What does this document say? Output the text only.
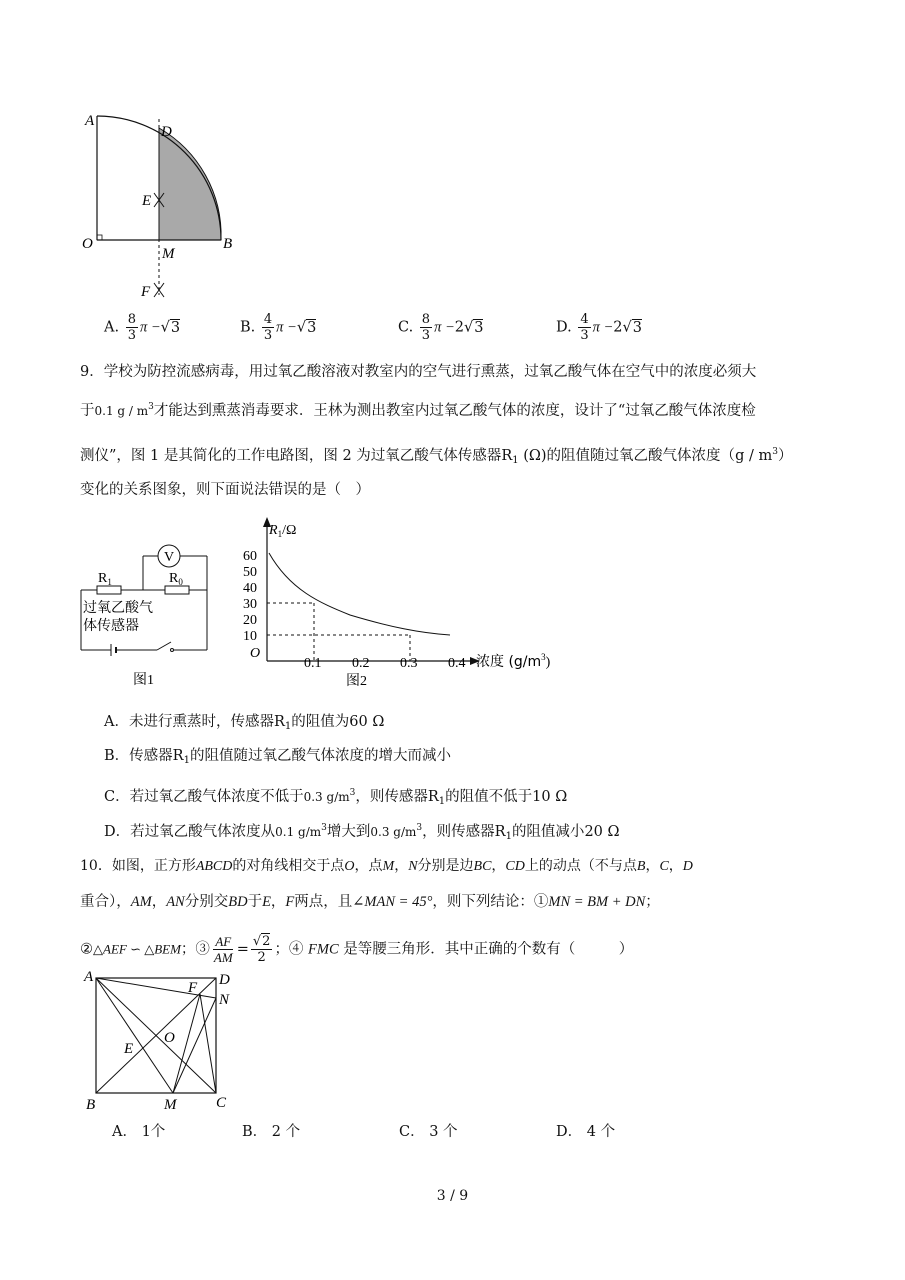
A
D
E
O
M
B
F
A. $\frac{8}{3}$ π −√3	B. $\frac{4}{3}$ π −√3	C. $\frac{8}{3}$ π −2√3	D. $\frac{4}{3}$ π −2√3
9．学校为防控流感病毒，用过氧乙酸溶液对教室内的空气进行熏蒸，过氧乙酸气体在空气中的浓度必须大
于0.1 g / $m^3$才能达到熏蒸消毒要求．王林为测出教室内过氧乙酸气体的浓度，设计了“过氧乙酸气体浓度检
测仪”，图 1 是其简化的工作电路图，图 2 为过氧乙酸气体传感器$R_1$ (Ω)的阻值随过氧乙酸气体浓度$(g / m^3)$
变化的关系图象，则下面说法错误的是（　）
V
$R_1$	$R_0$
过氧乙酸气
体传感器
图1
$R_1/\Omega$
60
50
40
30
20
10
O
0.1 0.2 0.3 0.4 浓度 $(g/m^3)$
图2
A．未进行熏蒸时，传感器$R_1$的阻值为60 Ω
B．传感器$R_1$的阻值随过氧乙酸气体浓度的增大而减小
C．若过氧乙酸气体浓度不低于0.3 $g/m^3$，则传感器$R_1$的阻值不低于10 Ω
D．若过氧乙酸气体浓度从0.1 $g/m^3$增大到0.3 $g/m^3$，则传感器$R_1$的阻值减小20 Ω
10．如图，正方形ABCD的对角线相交于点O，点M，N分别是边BC，CD上的动点（不与点B，C，D
重合），AM，AN分别交BD于E，F两点，且∠MAN = 45°，则下列结论：①MN = BM + DN；
②△AEF ∽ △BEM；③ $\frac{AF}{AM} = \frac{√2}{2}$ ；④ FMC 是等腰三角形．其中正确的个数有（　　　）
A	D
F
N
O
E
B	M	C
A． 1个	B． 2 个	C． 3 个	D． 4 个
3 / 9
